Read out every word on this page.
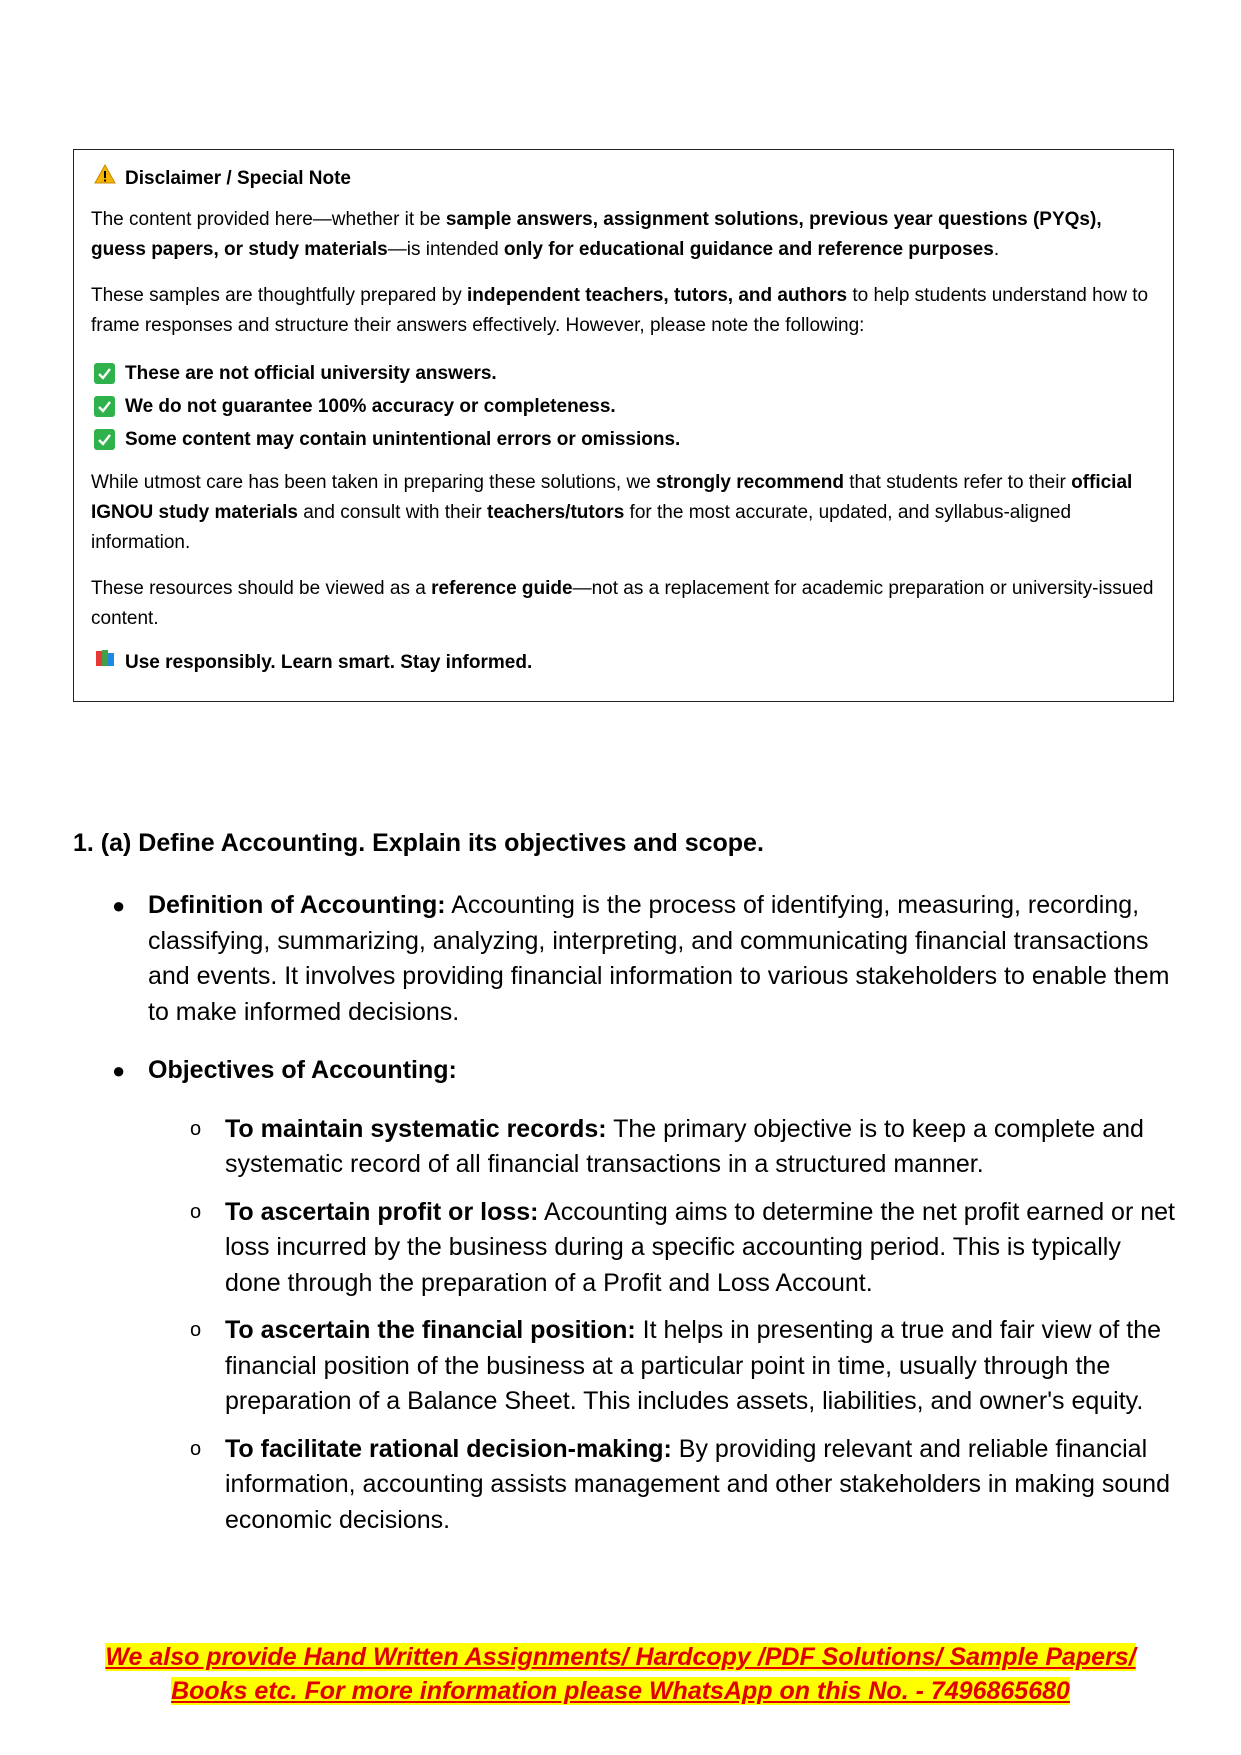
Disclaimer / Special Note

The content provided here—whether it be sample answers, assignment solutions, previous year questions (PYQs), guess papers, or study materials—is intended only for educational guidance and reference purposes.

These samples are thoughtfully prepared by independent teachers, tutors, and authors to help students understand how to frame responses and structure their answers effectively. However, please note the following:

These are not official university answers.
We do not guarantee 100% accuracy or completeness.
Some content may contain unintentional errors or omissions.

While utmost care has been taken in preparing these solutions, we strongly recommend that students refer to their official IGNOU study materials and consult with their teachers/tutors for the most accurate, updated, and syllabus-aligned information.

These resources should be viewed as a reference guide—not as a replacement for academic preparation or university-issued content.

Use responsibly. Learn smart. Stay informed.
1. (a) Define Accounting. Explain its objectives and scope.
● Definition of Accounting: Accounting is the process of identifying, measuring, recording, classifying, summarizing, analyzing, interpreting, and communicating financial transactions and events. It involves providing financial information to various stakeholders to enable them to make informed decisions.
● Objectives of Accounting:
o To maintain systematic records: The primary objective is to keep a complete and systematic record of all financial transactions in a structured manner.
o To ascertain profit or loss: Accounting aims to determine the net profit earned or net loss incurred by the business during a specific accounting period. This is typically done through the preparation of a Profit and Loss Account.
o To ascertain the financial position: It helps in presenting a true and fair view of the financial position of the business at a particular point in time, usually through the preparation of a Balance Sheet. This includes assets, liabilities, and owner's equity.
o To facilitate rational decision-making: By providing relevant and reliable financial information, accounting assists management and other stakeholders in making sound economic decisions.
We also provide Hand Written Assignments/ Hardcopy /PDF Solutions/ Sample Papers/
Books etc. For more information please WhatsApp on this No. - 7496865680
